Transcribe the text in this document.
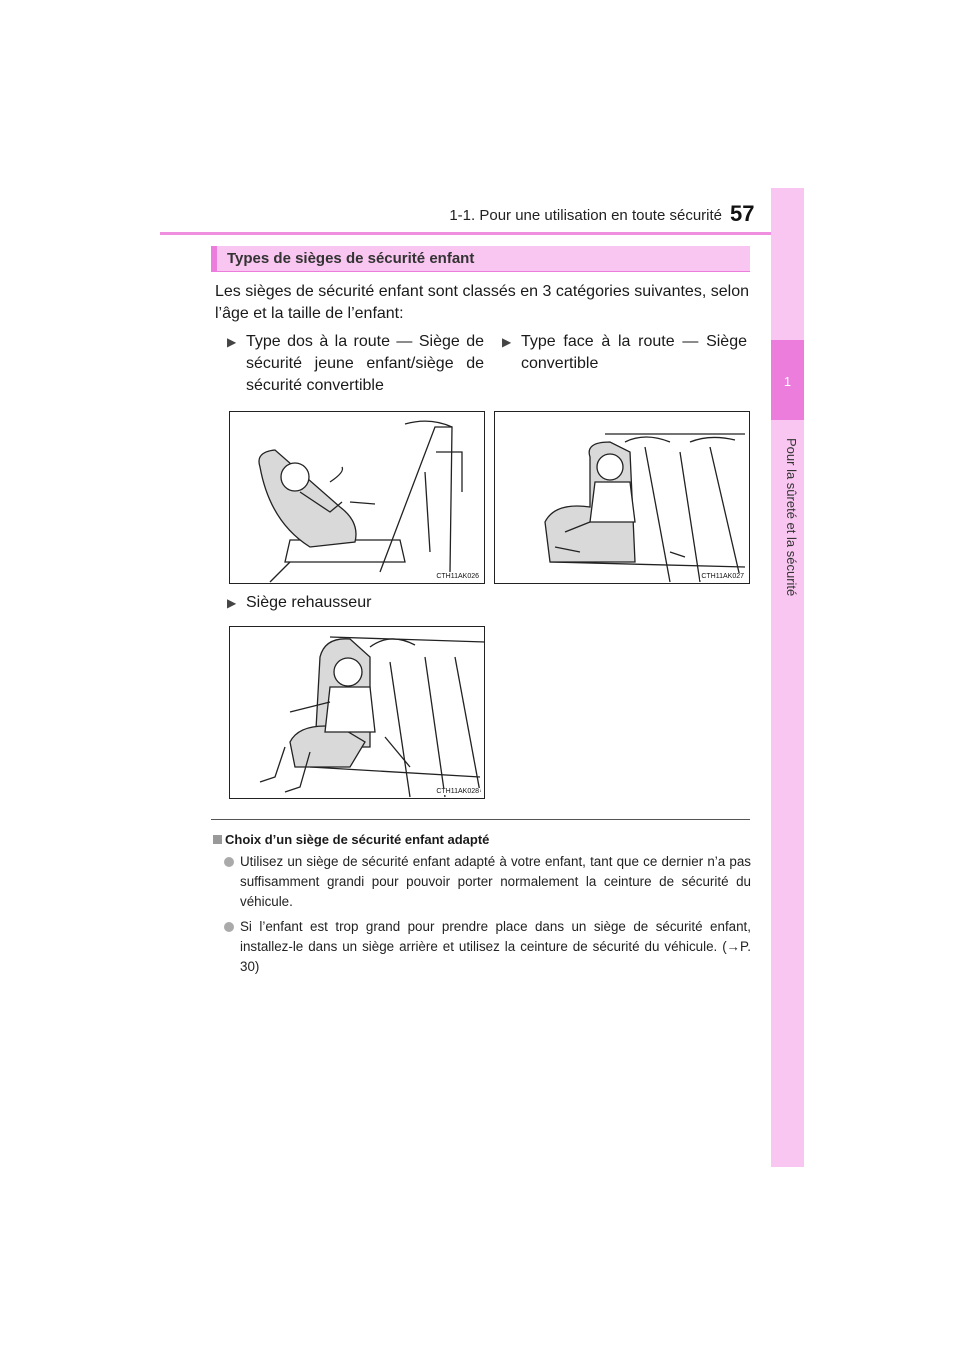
1-1. Pour une utilisation en toute sécurité 57
1
Pour la sûreté et la sécurité
Types de sièges de sécurité enfant
Les sièges de sécurité enfant sont classés en 3 catégories suivantes, selon l’âge et la taille de l’enfant:
▶ Type dos à la route — Siège de sécurité jeune enfant/siège de sécurité convertible
▶ Type face à la route — Siège convertible
CTH11AK026	CTH11AK027
▶ Siège rehausseur
CTH11AK028
Choix d’un siège de sécurité enfant adapté
Utilisez un siège de sécurité enfant adapté à votre enfant, tant que ce dernier n’a pas suffisamment grandi pour pouvoir porter normalement la ceinture de sécurité du véhicule.
Si l’enfant est trop grand pour prendre place dans un siège de sécurité enfant, installez-le dans un siège arrière et utilisez la ceinture de sécurité du véhicule. (→P. 30)
